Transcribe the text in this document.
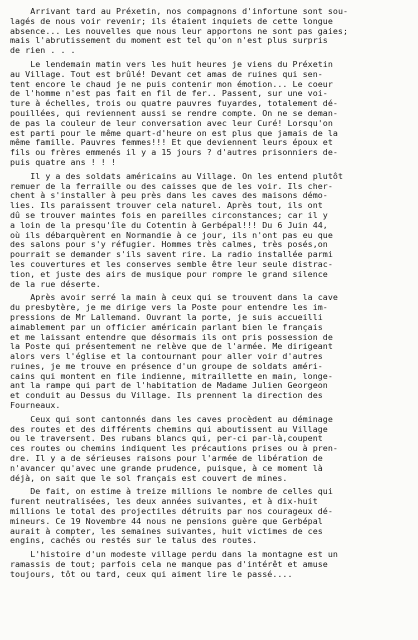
Arrivant tard au Préxetin, nos compagnons d'infortune sont sou-
lagés de nous voir revenir; ils étaient inquiets de cette longue
absence... Les nouvelles que nous leur apportons ne sont pas gaies;
mais l'abrutissement du moment est tel qu'on n'est plus surpris
de rien . . .

Le lendemain matin vers les huit heures je viens du Préxetin
au Village. Tout est brûlé! Devant cet amas de ruines qui sen-
tent encore le chaud je ne puis contenir mon émotion... Le coeur
de l'homme n'est pas fait en fil de fer.. Passent, sur une voi-
ture à échelles, trois ou quatre pauvres fuyardes, totalement dé-
pouillées, qui reviennent aussi se rendre compte. On ne se deman-
de pas la couleur de leur conversation avec leur Curé! Lorsqu'on
est parti pour le même quart-d'heure on est plus que jamais de la
même famille. Pauvres femmes!!! Et que deviennent leurs époux et
fils ou frères emmenés il y a 15 jours ? d'autres prisonniers de-
puis quatre ans ! ! !

Il y a des soldats américains au Village. On les entend plutôt
remuer de la ferraille ou des caisses que de les voir. Ils cher-
chent à s'installer à peu près dans les caves des maisons démo-
lies. Ils paraissent trouver cela naturel. Après tout, ils ont
dû se trouver maintes fois en pareilles circonstances; car il y
a loin de la presqu'île du Cotentin à Gerbépal!!! Du 6 Juin 44,
où ils débarquèrent en Normandie à ce jour, ils n'ont pas eu que
des salons pour s'y réfugier. Hommes très calmes, très posés,on
pourrait se demander s'ils savent rire. La radio installée parmi
les couvertures et les conserves semble être leur seule distrac-
tion, et juste des airs de musique pour rompre le grand silence
de la rue déserte.

Après avoir serré la main à ceux qui se trouvent dans la cave
du presbytère, je me dirige vers la Poste pour entendre les im-
pressions de Mr Lallemand. Ouvrant la porte, je suis accueilli
aimablement par un officier américain parlant bien le français
et me laissant entendre que désormais ils ont pris possession de
la Poste qui présentement ne relève que de l'armée. Me dirigeant
alors vers l'église et la contournant pour aller voir d'autres
ruines, je me trouve en présence d'un groupe de soldats améri-
cains qui montent en file indienne, mitraillette en main, longe-
ant la rampe qui part de l'habitation de Madame Julien Georgeon
et conduit au Dessus du Village. Ils prennent la direction des
Fourneaux.

Ceux qui sont cantonnés dans les caves procèdent au déminage
des routes et des différents chemins qui aboutissent au Village
ou le traversent. Des rubans blancs qui, per-ci par-là,coupent
ces routes ou chemins indiquent les précautions prises ou à pren-
dre. Il y a de sérieuses raisons pour l'armée de libération de
n'avancer qu'avec une grande prudence, puisque, à ce moment là
déjà, on sait que le sol français est couvert de mines.

De fait, on estime à treize millions le nombre de celles qui
furent neutralisées, les deux années suivantes, et à dix-huit
millions le total des projectiles détruits par nos courageux dé-
mineurs. Ce 19 Novembre 44 nous ne pensions guère que Gerbépal
aurait à compter, les semaines suivantes, huit victimes de ces
engins, cachés ou restés sur le talus des routes.

L'histoire d'un modeste village perdu dans la montagne est un
ramassis de tout; parfois cela ne manque pas d'intérêt et amuse
toujours, tôt ou tard, ceux qui aiment lire le passé....
